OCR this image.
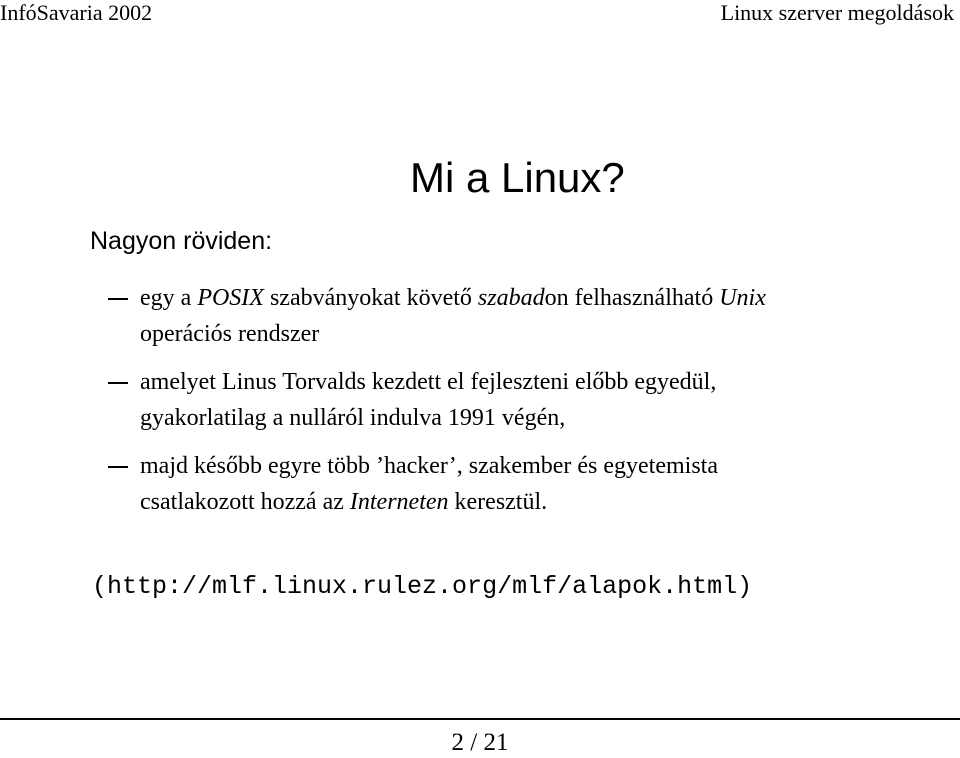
InfóSavaria 2002	Linux szerver megoldások
Mi a Linux?
Nagyon röviden:
egy a POSIX szabványokat követő szabadon felhasználható Unix
operációs rendszer
amelyet Linus Torvalds kezdett el fejleszteni előbb egyedül,
gyakorlatilag a nulláról indulva 1991 végén,
majd később egyre több ’hacker’, szakember és egyetemista
csatlakozott hozzá az Interneten keresztül.
(http://mlf.linux.rulez.org/mlf/alapok.html)
2 / 21
